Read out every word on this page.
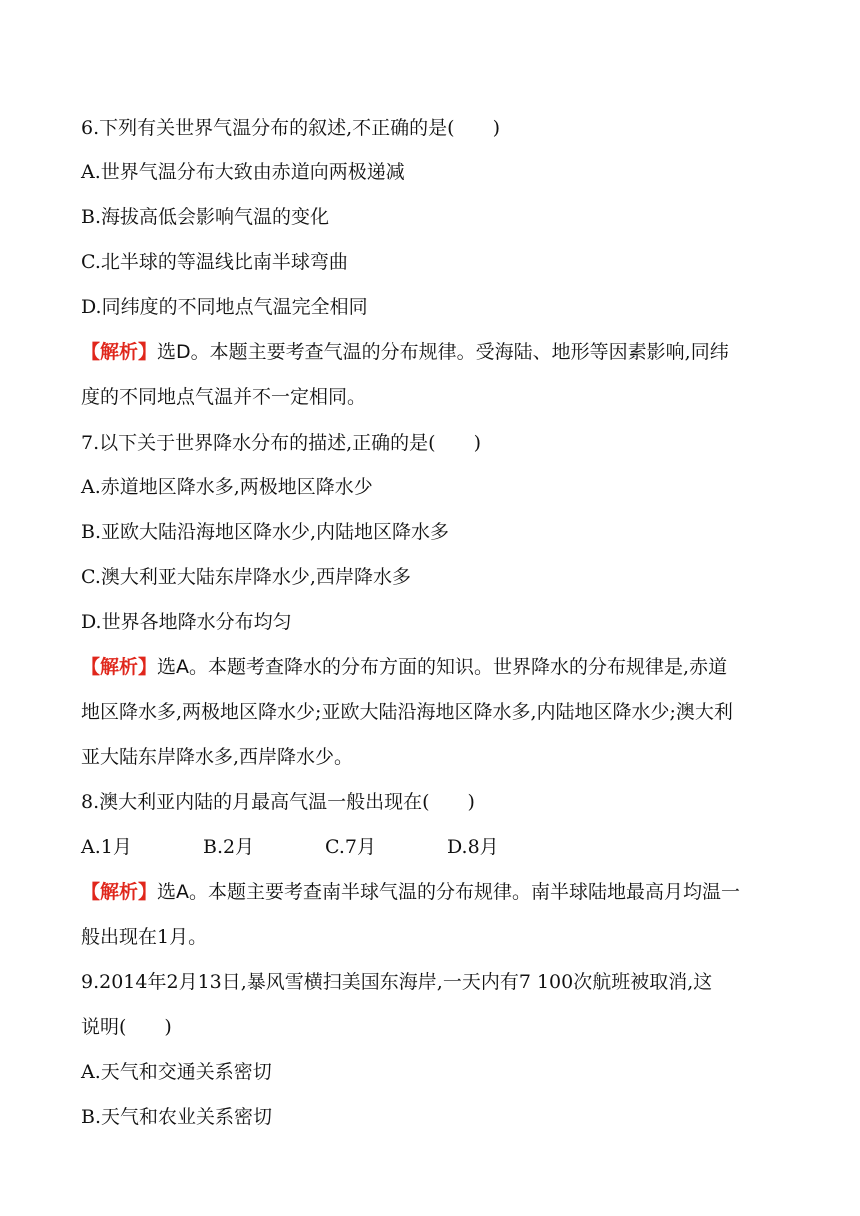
6.下列有关世界气温分布的叙述,不正确的是(　　)
A.世界气温分布大致由赤道向两极递减
B.海拔高低会影响气温的变化
C.北半球的等温线比南半球弯曲
D.同纬度的不同地点气温完全相同
【解析】选D。本题主要考查气温的分布规律。受海陆、地形等因素影响,同纬
度的不同地点气温并不一定相同。
7.以下关于世界降水分布的描述,正确的是(　　)
A.赤道地区降水多,两极地区降水少
B.亚欧大陆沿海地区降水少,内陆地区降水多
C.澳大利亚大陆东岸降水少,西岸降水多
D.世界各地降水分布均匀
【解析】选A。本题考查降水的分布方面的知识。世界降水的分布规律是,赤道
地区降水多,两极地区降水少;亚欧大陆沿海地区降水多,内陆地区降水少;澳大利
亚大陆东岸降水多,西岸降水少。
8.澳大利亚内陆的月最高气温一般出现在(　　)
A.1月	B.2月	C.7月	D.8月
【解析】选A。本题主要考查南半球气温的分布规律。南半球陆地最高月均温一
般出现在1月。
9.2014年2月13日,暴风雪横扫美国东海岸,一天内有7 100次航班被取消,这
说明(　　)
A.天气和交通关系密切
B.天气和农业关系密切
